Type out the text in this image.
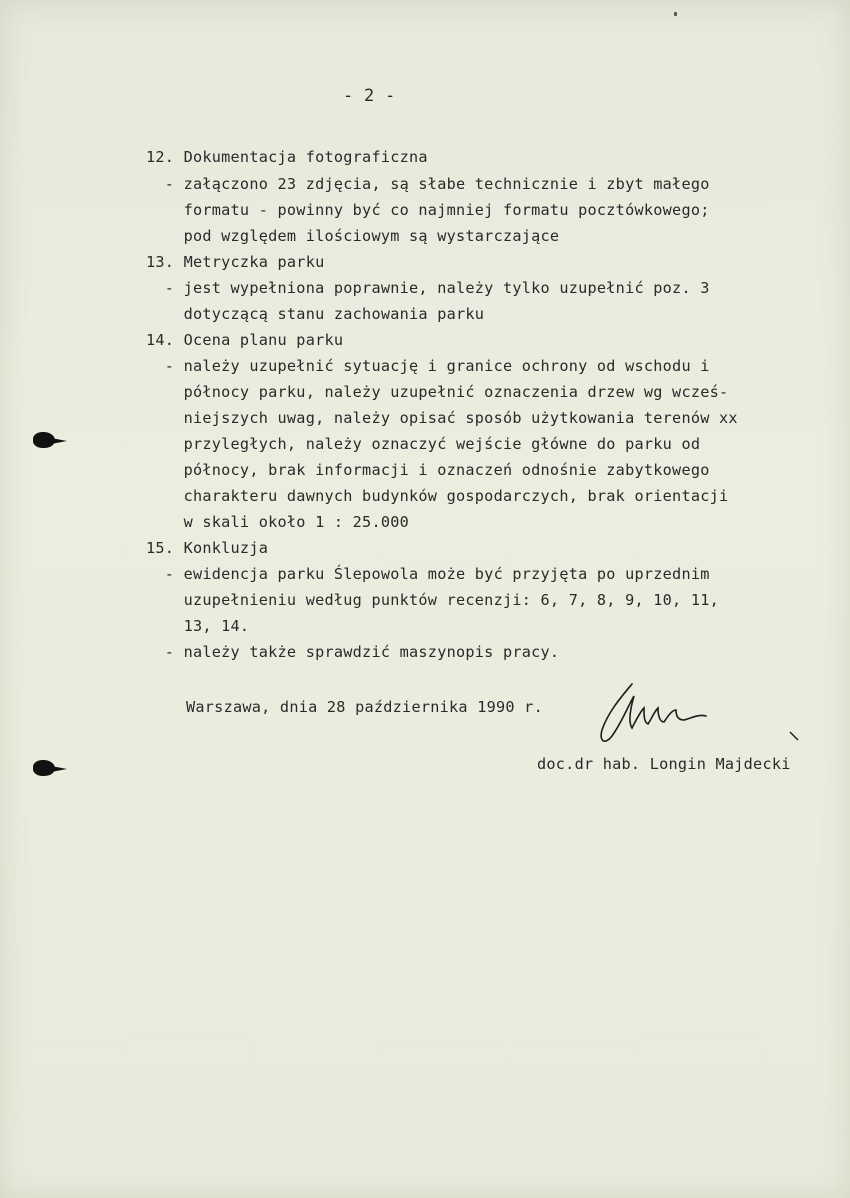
- 2 -
12. Dokumentacja fotograficzna
- załączono 23 zdjęcia, są słabe technicznie i zbyt małego
formatu - powinny być co najmniej formatu pocztówkowego;
pod względem ilościowym są wystarczające
13. Metryczka parku
- jest wypełniona poprawnie, należy tylko uzupełnić poz. 3
dotyczącą stanu zachowania parku
14. Ocena planu parku
- należy uzupełnić sytuację i granice ochrony od wschodu i
północy parku, należy uzupełnić oznaczenia drzew wg wcześ-
niejszych uwag, należy opisać sposób użytkowania terenów xx
przyległych, należy oznaczyć wejście główne do parku od
północy, brak informacji i oznaczeń odnośnie zabytkowego
charakteru dawnych budynków gospodarczych, brak orientacji
w skali około 1 : 25.000
15. Konkluzja
- ewidencja parku Ślepowola może być przyjęta po uprzednim
uzupełnieniu według punktów recenzji: 6, 7, 8, 9, 10, 11,
13, 14.
- należy także sprawdzić maszynopis pracy.
Warszawa, dnia 28 października 1990 r.
doc.dr hab. Longin Majdecki
